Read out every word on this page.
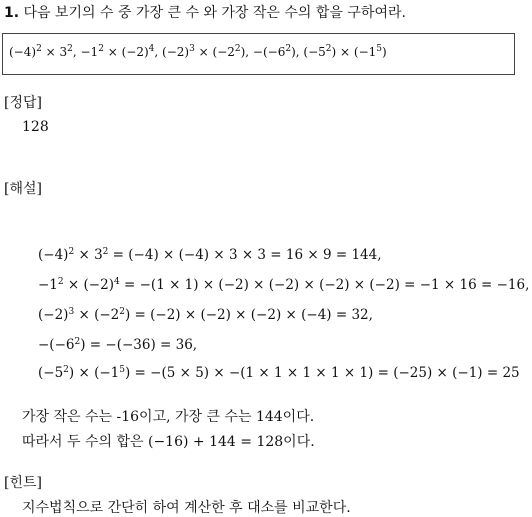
1. 다음 보기의 수 중 가장 큰 수 와 가장 작은 수의 합을 구하여라.
$(-4)^2 \times 3^2$, $-1^2 \times (-2)^4$, $(-2)^3 \times (-2^2)$, $-(-6^2)$, $(-5^2) \times (-1^5)$
[정답]
128
[해설]
$(-4)^2 \times 3^2 = (-4) \times (-4) \times 3 \times 3 = 16 \times 9 = 144$,
$-1^2 \times (-2)^4 = -(1 \times 1) \times (-2) \times (-2) \times (-2) \times (-2) = -1 \times 16 = -16$,
$(-2)^3 \times (-2^2) = (-2) \times (-2) \times (-2) \times (-4) = 32$,
$-(-6^2) = -(-36) = 36$,
$(-5^2) \times (-1^5) = -(5 \times 5) \times -(1 \times 1 \times 1 \times 1 \times 1) = (-25) \times (-1) = 25$
가장 작은 수는 -16이고, 가장 큰 수는 144이다.
따라서 두 수의 합은 (−16) + 144 = 128이다.
[힌트]
지수법칙으로 간단히 하여 계산한 후 대소를 비교한다.
